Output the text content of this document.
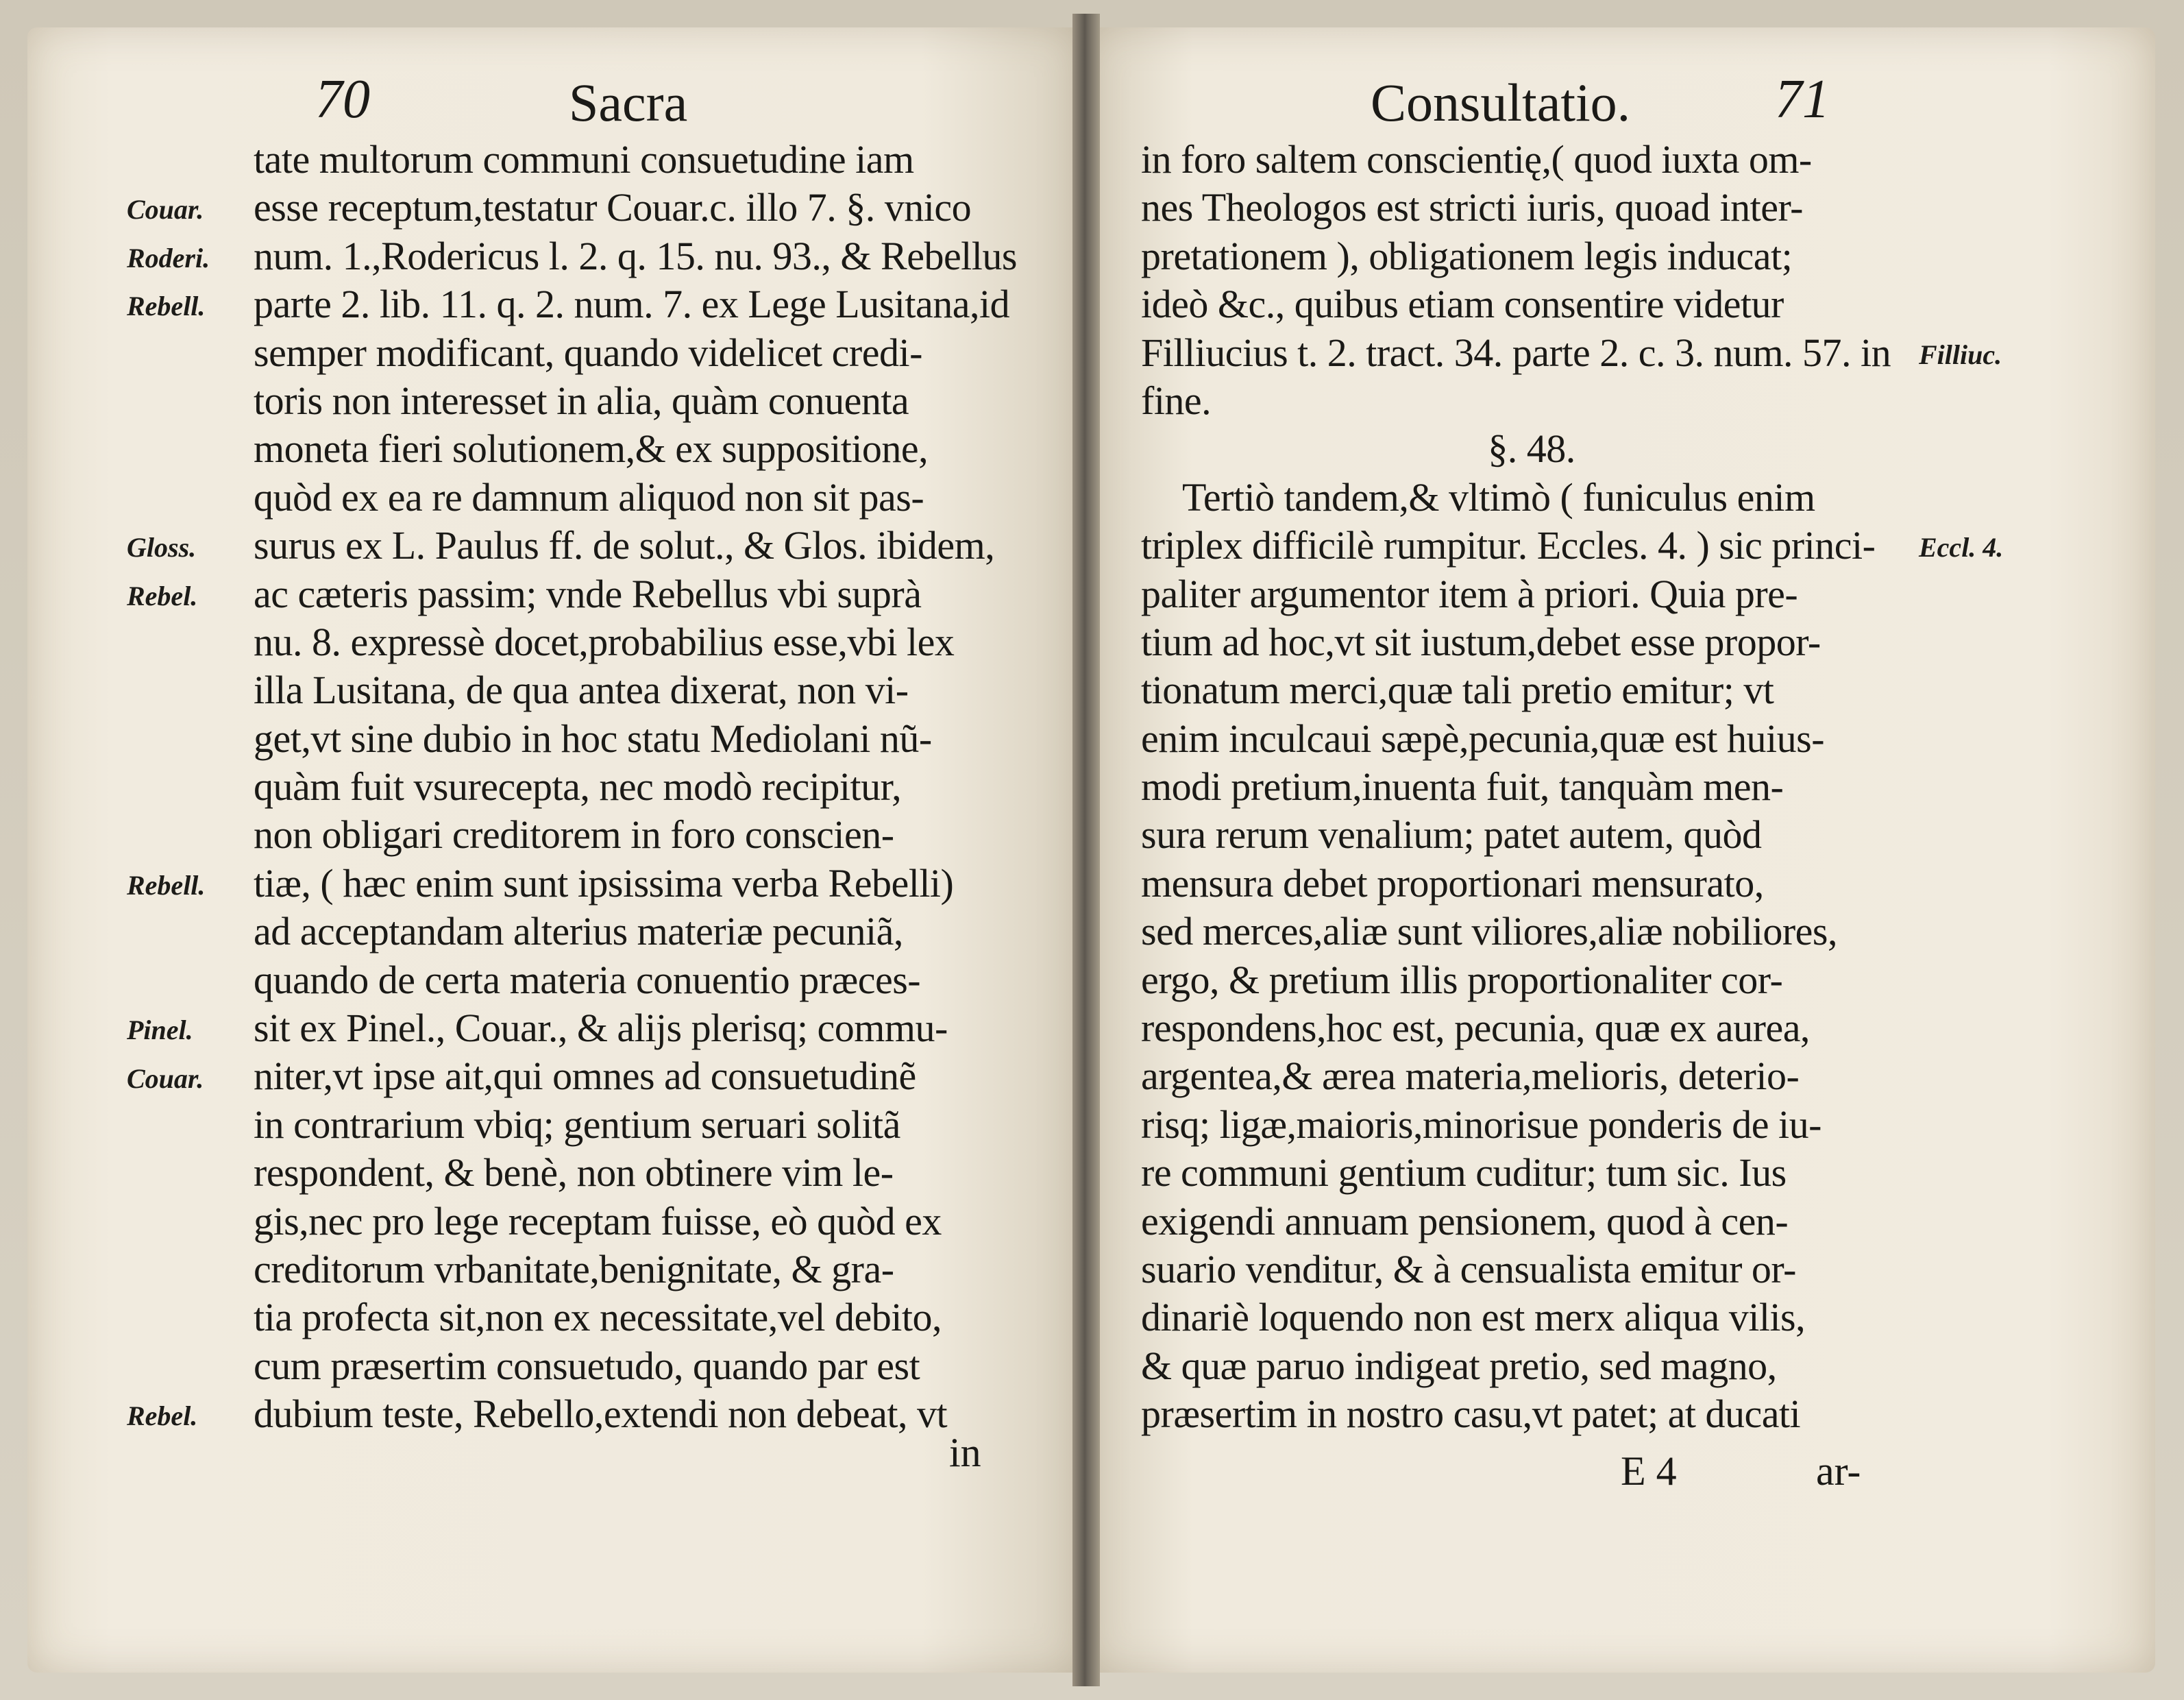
70	Sacra
tate multorum communi consuetudine iam
esse receptum,testatur Couar.c. illo 7. §. vnico
num. 1.,Rodericus l. 2. q. 15. nu. 93., & Rebellus
parte 2. lib. 11. q. 2. num. 7. ex Lege Lusitana,id
semper modificant, quando videlicet credi-
toris non interesset in alia, quàm conuenta
moneta fieri solutionem,& ex suppositione,
quòd ex ea re damnum aliquod non sit pas-
surus ex L. Paulus ff. de solut., & Glos. ibidem,
ac cæteris passim; vnde Rebellus vbi suprà
nu. 8. expressè docet,probabilius esse,vbi lex
illa Lusitana, de qua antea dixerat, non vi-
get,vt sine dubio in hoc statu Mediolani nũ-
quàm fuit vsurecepta, nec modò recipitur,
non obligari creditorem in foro conscien-
tiæ, ( hæc enim sunt ipsissima verba Rebelli)
ad acceptandam alterius materiæ pecuniã,
quando de certa materia conuentio præces-
sit ex Pinel., Couar., & alijs plerisq; commu-
niter,vt ipse ait,qui omnes ad consuetudinẽ
in contrarium vbiq; gentium seruari solitã
respondent, & benè, non obtinere vim le-
gis,nec pro lege receptam fuisse, eò quòd ex
creditorum vrbanitate,benignitate, & gra-
tia profecta sit,non ex necessitate,vel debito,
cum præsertim consuetudo, quando par est
dubium teste, Rebello,extendi non debeat, vt
Couar.
Roderi.
Rebell.
Gloss.
Rebel.
Rebell.
Pinel.
Couar.
Rebel.
in
Consultatio.	71
in foro saltem conscientię,( quod iuxta om-
nes Theologos est stricti iuris, quoad inter-
pretationem ), obligationem legis inducat;
ideò &c., quibus etiam consentire videtur
Filliucius t. 2. tract. 34. parte 2. c. 3. num. 57. in
fine.
§. 48.
Tertiò tandem,& vltimò ( funiculus enim
triplex difficilè rumpitur. Eccles. 4. ) sic princi-
paliter argumentor item à priori. Quia pre-
tium ad hoc,vt sit iustum,debet esse propor-
tionatum merci,quæ tali pretio emitur; vt
enim inculcaui sæpè,pecunia,quæ est huius-
modi pretium,inuenta fuit, tanquàm men-
sura rerum venalium; patet autem, quòd
mensura debet proportionari mensurato,
sed merces,aliæ sunt viliores,aliæ nobiliores,
ergo, & pretium illis proportionaliter cor-
respondens,hoc est, pecunia, quæ ex aurea,
argentea,& ærea materia,melioris, deterio-
risq; ligæ,maioris,minorisue ponderis de iu-
re communi gentium cuditur; tum sic. Ius
exigendi annuam pensionem, quod à cen-
suario venditur, & à censualista emitur or-
dinariè loquendo non est merx aliqua vilis,
& quæ paruo indigeat pretio, sed magno,
præsertim in nostro casu,vt patet; at ducati
Filliuc.
Eccl. 4.
E 4	ar-
